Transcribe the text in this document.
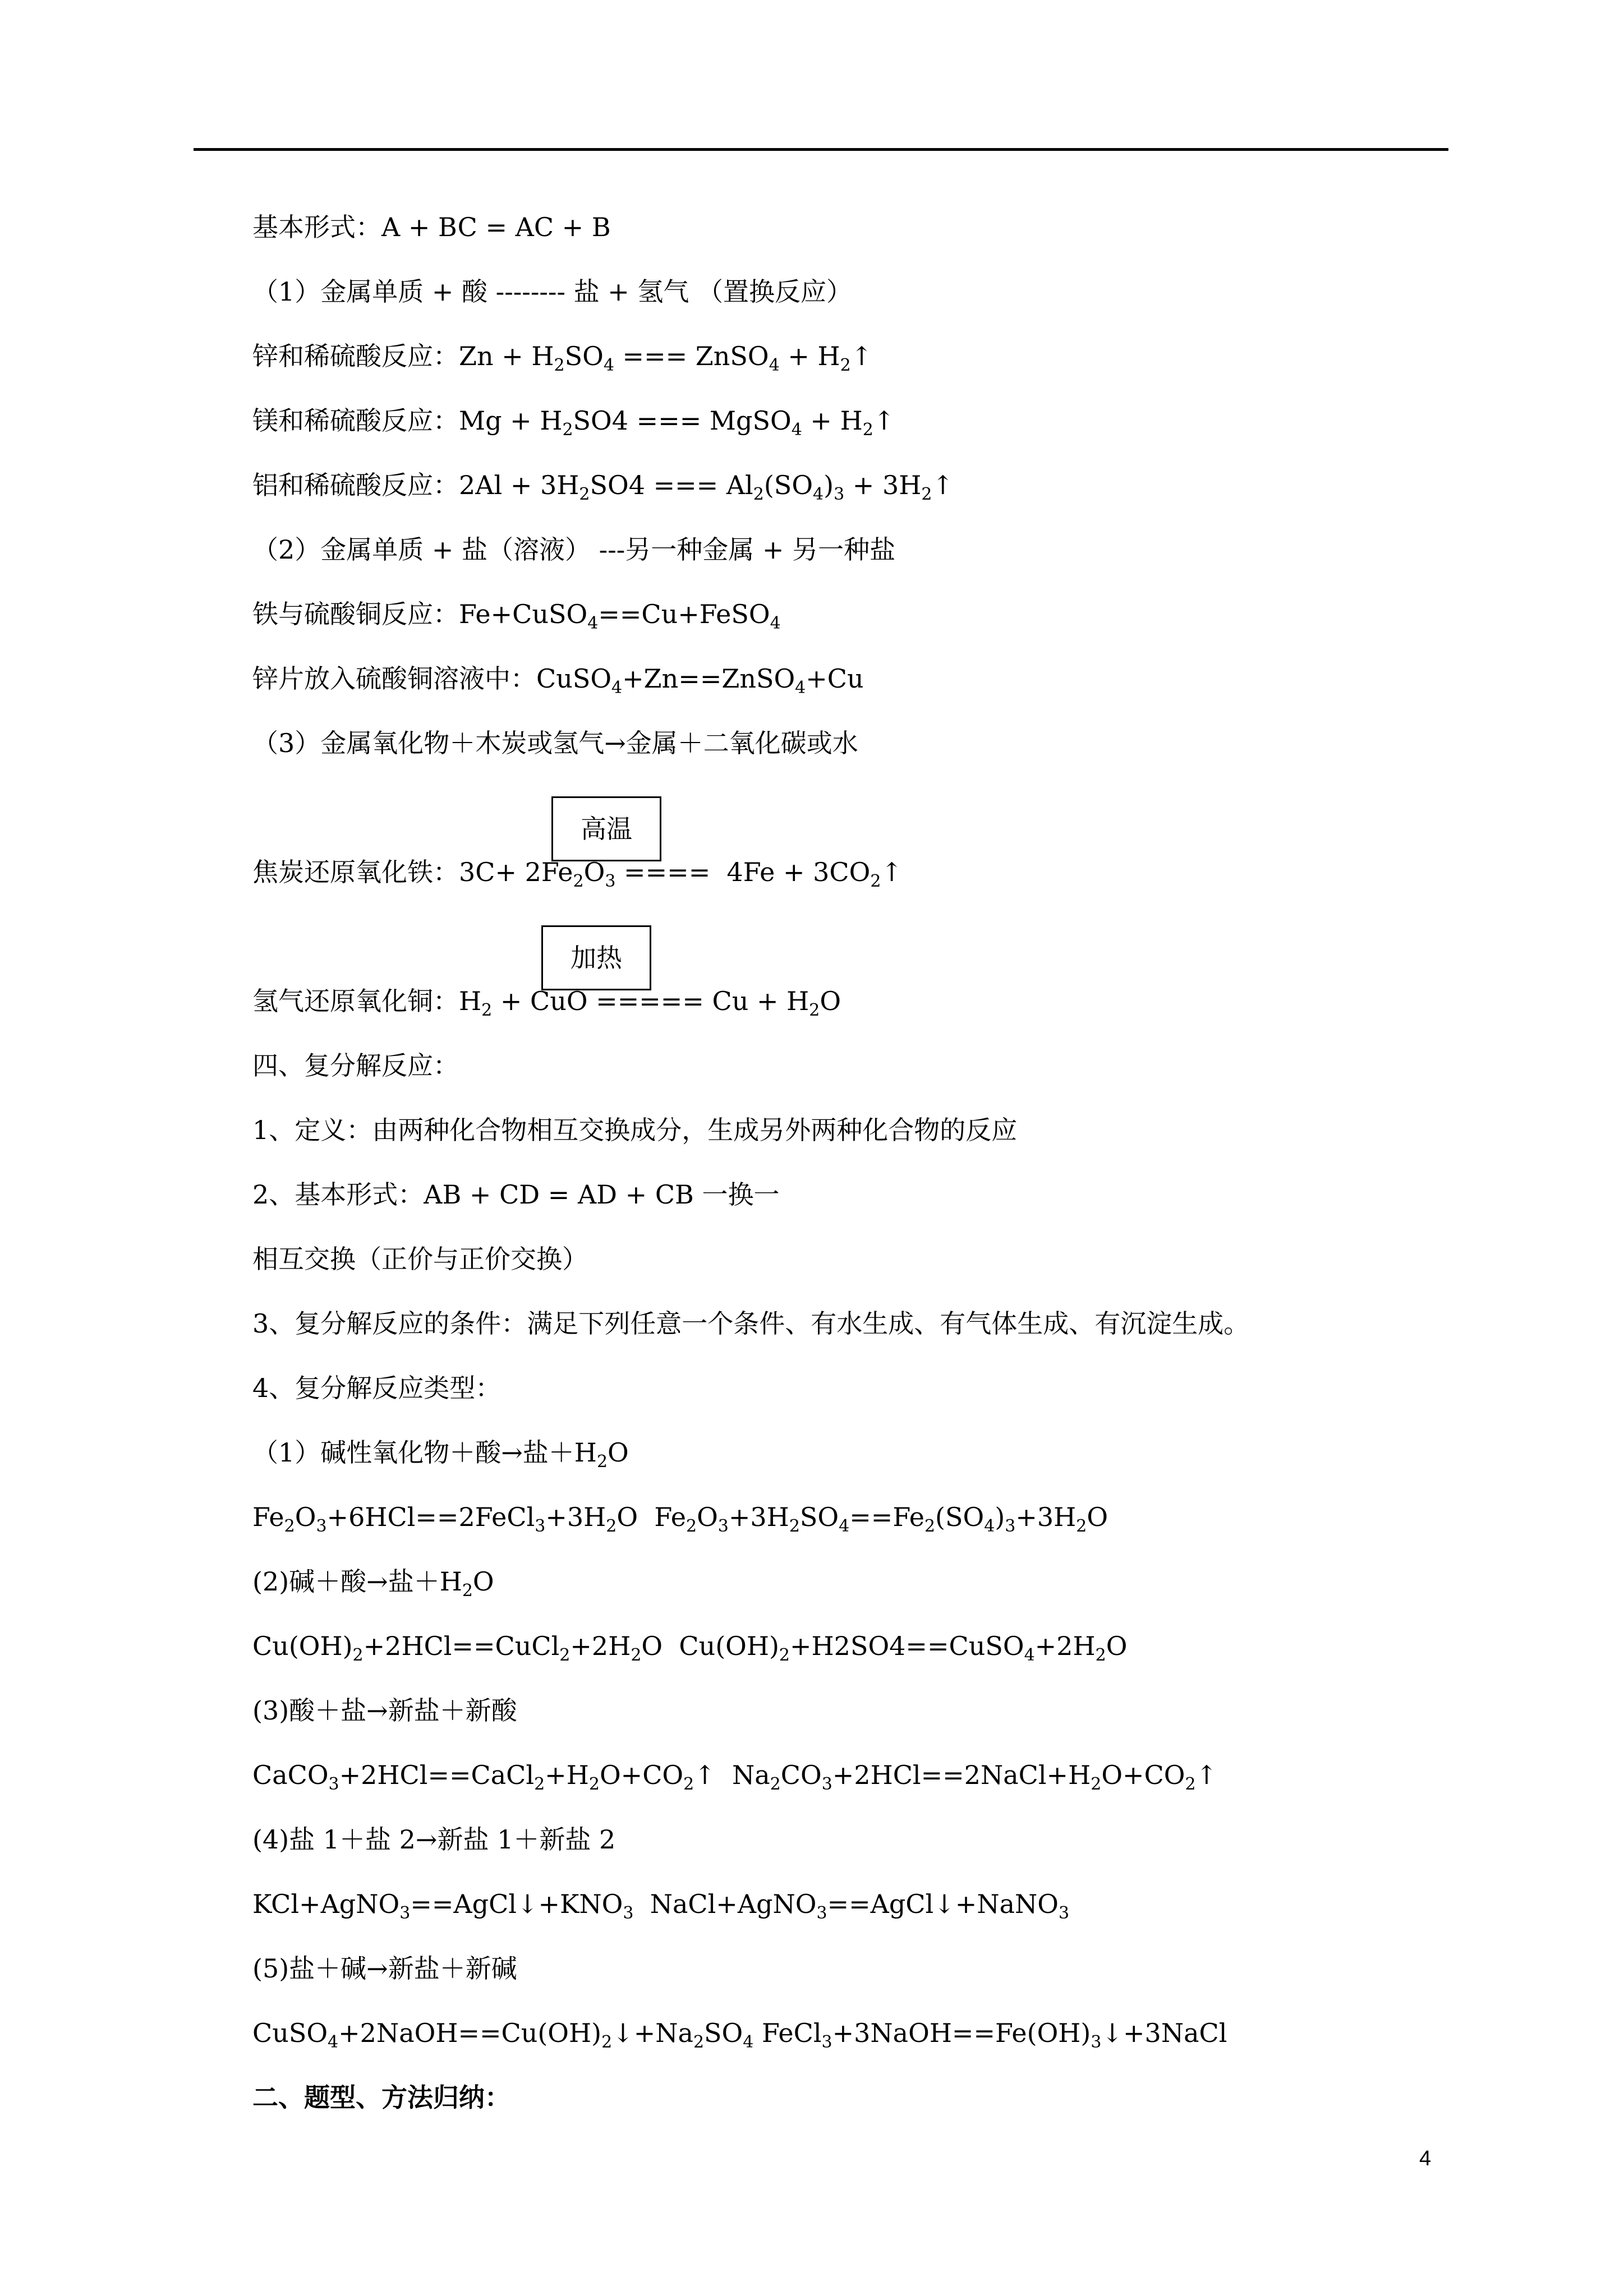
高温
加热
基本形式：A + BC = AC + B
（1）金属单质 + 酸 -------- 盐 + 氢气 （置换反应）
锌和稀硫酸反应：$Zn + H_2SO_4$ === ZnSO$_4$ + $H_2↑$
镁和稀硫酸反应：$Mg + H_2SO4$ === MgSO$_4$ + $H_2↑$
铝和稀硫酸反应：$2Al + 3H_2SO4$ === $Al_2(SO_4)_3$ + $3H_2↑$
（2）金属单质 + 盐（溶液） ---另一种金属 + 另一种盐
铁与硫酸铜反应：Fe+CuSO$_4$==Cu+FeSO$_4$
锌片放入硫酸铜溶液中：CuSO$_4$+Zn==ZnSO$_4$+Cu
（3）金属氧化物＋木炭或氢气→金属＋二氧化碳或水
焦炭还原氧化铁：$3C+ 2Fe_2O_3$ ====  $4Fe + 3CO_2↑$
氢气还原氧化铜：$H_2$ + CuO ===== $Cu + H_2O$
四、复分解反应：
1、定义：由两种化合物相互交换成分，生成另外两种化合物的反应
2、基本形式：AB + CD = AD + CB 一换一
相互交换（正价与正价交换）
3、复分解反应的条件：满足下列任意一个条件、有水生成、有气体生成、有沉淀生成。
4、复分解反应类型：
（1）碱性氧化物＋酸→盐$+H_2O$
$Fe_2O_3+6HCl==2FeCl_3+3H_2O$  $Fe_2O_3+3H_2SO_4==Fe_2(SO_4)_3+3H_2O$
(2)碱＋酸→盐$+H_2O$
$Cu(OH)_2+2HCl==CuCl_2+2H_2O$  $Cu(OH)_2+H2SO4==CuSO_4+2H_2O$
(3)酸＋盐→新盐＋新酸
$CaCO_3+2HCl==CaCl_2+H_2O+CO_2↑$  $Na_2CO_3+2HCl==2NaCl+H_2O+CO_2↑$
(4)盐 1＋盐 2→新盐 1＋新盐 2
$KCl+AgNO_3==AgCl↓+KNO_3$  NaCl+AgNO$_3$==AgCl↓+NaNO$_3$
(5)盐＋碱→新盐＋新碱
$CuSO_4+2NaOH==Cu(OH)_2↓+Na_2SO_4$ $FeCl_3+3NaOH==Fe(OH)_3↓+3NaCl$
二、题型、方法归纳：
4
